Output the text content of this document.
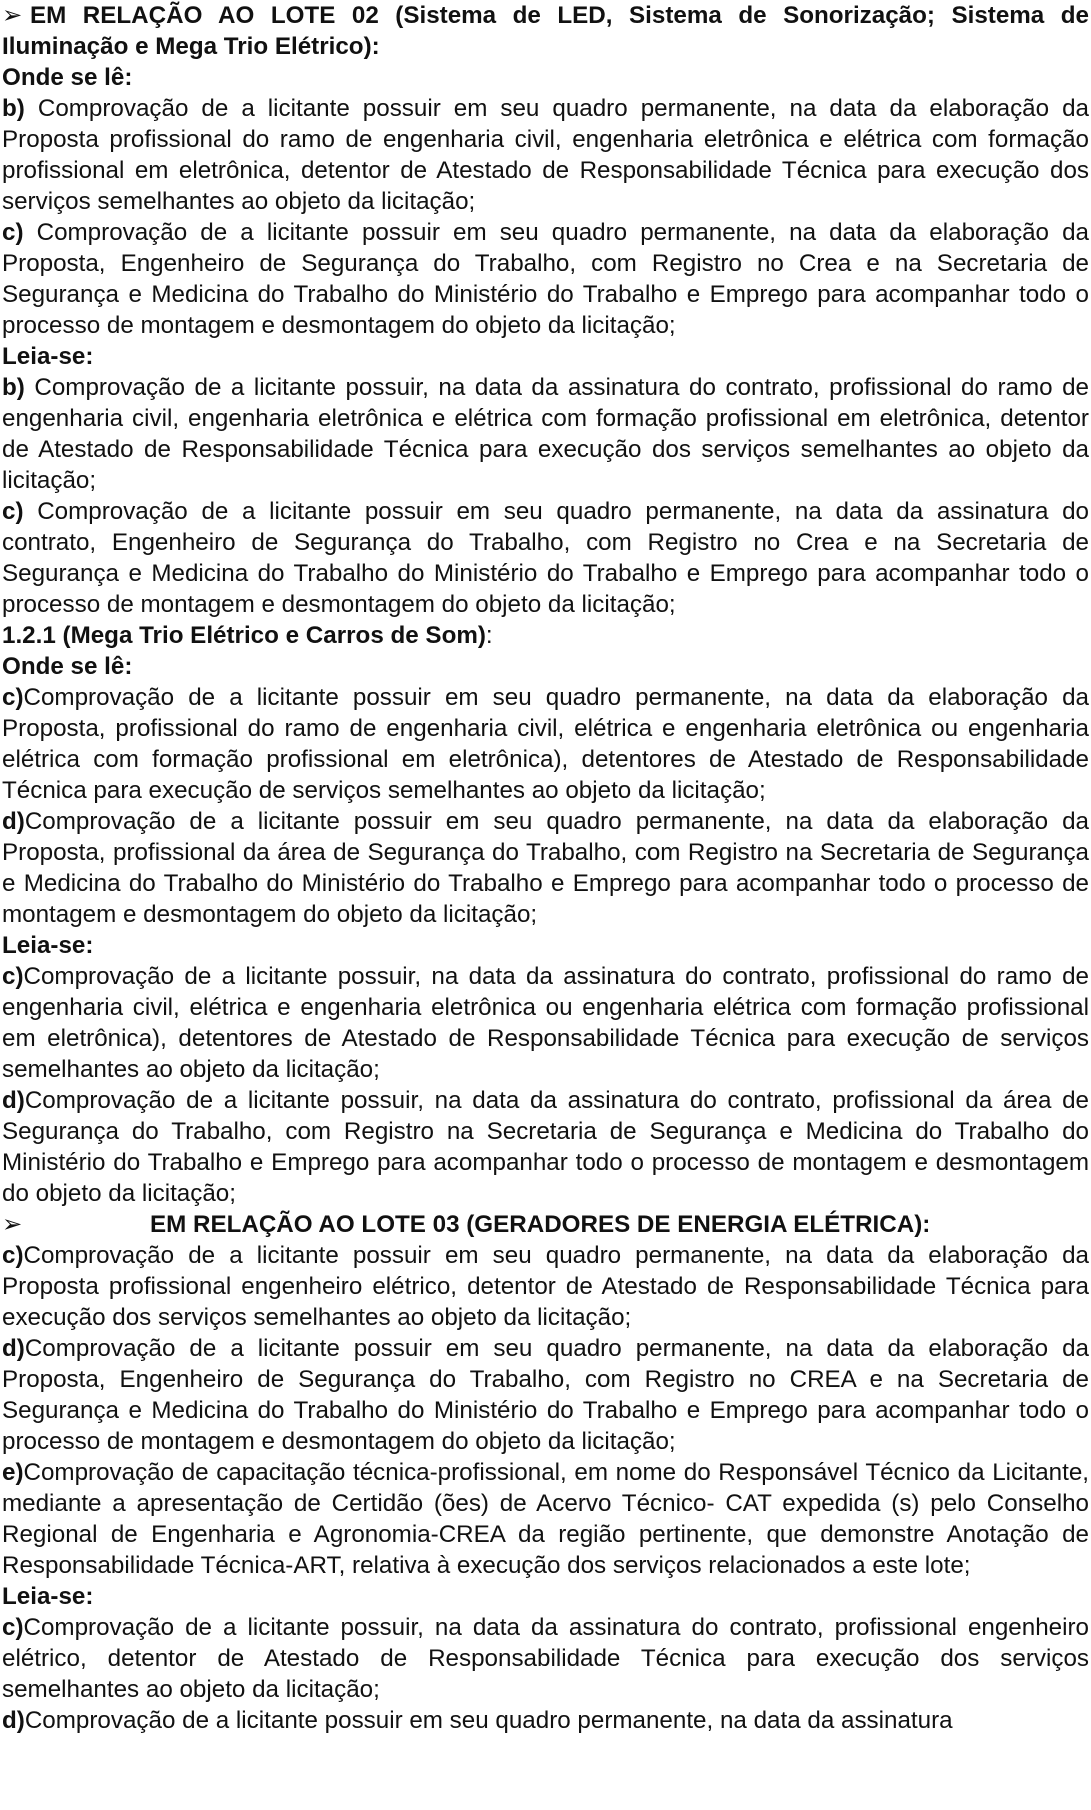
➢ EM RELAÇÃO AO LOTE 02 (Sistema de LED, Sistema de Sonorização; Sistema de Iluminação e Mega Trio Elétrico):

Onde se lê:

b) Comprovação de a licitante possuir em seu quadro permanente, na data da elaboração da Proposta profissional do ramo de engenharia civil, engenharia eletrônica e elétrica com formação profissional em eletrônica, detentor de Atestado de Responsabilidade Técnica para execução dos serviços semelhantes ao objeto da licitação;

c) Comprovação de a licitante possuir em seu quadro permanente, na data da elaboração da Proposta, Engenheiro de Segurança do Trabalho, com Registro no Crea e na Secretaria de Segurança e Medicina do Trabalho do Ministério do Trabalho e Emprego para acompanhar todo o processo de montagem e desmontagem do objeto da licitação;

Leia-se:

b) Comprovação de a licitante possuir, na data da assinatura do contrato, profissional do ramo de engenharia civil, engenharia eletrônica e elétrica com formação profissional em eletrônica, detentor de Atestado de Responsabilidade Técnica para execução dos serviços semelhantes ao objeto da licitação;

c) Comprovação de a licitante possuir em seu quadro permanente, na data da assinatura do contrato, Engenheiro de Segurança do Trabalho, com Registro no Crea e na Secretaria de Segurança e Medicina do Trabalho do Ministério do Trabalho e Emprego para acompanhar todo o processo de montagem e desmontagem do objeto da licitação;

1.2.1 (Mega Trio Elétrico e Carros de Som):

Onde se lê:

c)Comprovação de a licitante possuir em seu quadro permanente, na data da elaboração da Proposta, profissional do ramo de engenharia civil, elétrica e engenharia eletrônica ou engenharia elétrica com formação profissional em eletrônica), detentores de Atestado de Responsabilidade Técnica para execução de serviços semelhantes ao objeto da licitação;

d)Comprovação de a licitante possuir em seu quadro permanente, na data da elaboração da Proposta, profissional da área de Segurança do Trabalho, com Registro na Secretaria de Segurança e Medicina do Trabalho do Ministério do Trabalho e Emprego para acompanhar todo o processo de montagem e desmontagem do objeto da licitação;

Leia-se:

c)Comprovação de a licitante possuir, na data da assinatura do contrato, profissional do ramo de engenharia civil, elétrica e engenharia eletrônica ou engenharia elétrica com formação profissional em eletrônica), detentores de Atestado de Responsabilidade Técnica para execução de serviços semelhantes ao objeto da licitação;

d)Comprovação de a licitante possuir, na data da assinatura do contrato, profissional da área de Segurança do Trabalho, com Registro na Secretaria de Segurança e Medicina do Trabalho do Ministério do Trabalho e Emprego para acompanhar todo o processo de montagem e desmontagem do objeto da licitação;

➢	EM RELAÇÃO AO LOTE 03 (GERADORES DE ENERGIA ELÉTRICA):

c)Comprovação de a licitante possuir em seu quadro permanente, na data da elaboração da Proposta profissional engenheiro elétrico, detentor de Atestado de Responsabilidade Técnica para execução dos serviços semelhantes ao objeto da licitação;

d)Comprovação de a licitante possuir em seu quadro permanente, na data da elaboração da Proposta, Engenheiro de Segurança do Trabalho, com Registro no CREA e na Secretaria de Segurança e Medicina do Trabalho do Ministério do Trabalho e Emprego para acompanhar todo o processo de montagem e desmontagem do objeto da licitação;

e)Comprovação de capacitação técnica-profissional, em nome do Responsável Técnico da Licitante, mediante a apresentação de Certidão (ões) de Acervo Técnico- CAT expedida (s) pelo Conselho Regional de Engenharia e Agronomia-CREA da região pertinente, que demonstre Anotação de Responsabilidade Técnica-ART, relativa à execução dos serviços relacionados a este lote;

Leia-se:

c)Comprovação de a licitante possuir, na data da assinatura do contrato, profissional engenheiro elétrico, detentor de Atestado de Responsabilidade Técnica para execução dos serviços semelhantes ao objeto da licitação;

d)Comprovação de a licitante possuir em seu quadro permanente, na data da assinatura
